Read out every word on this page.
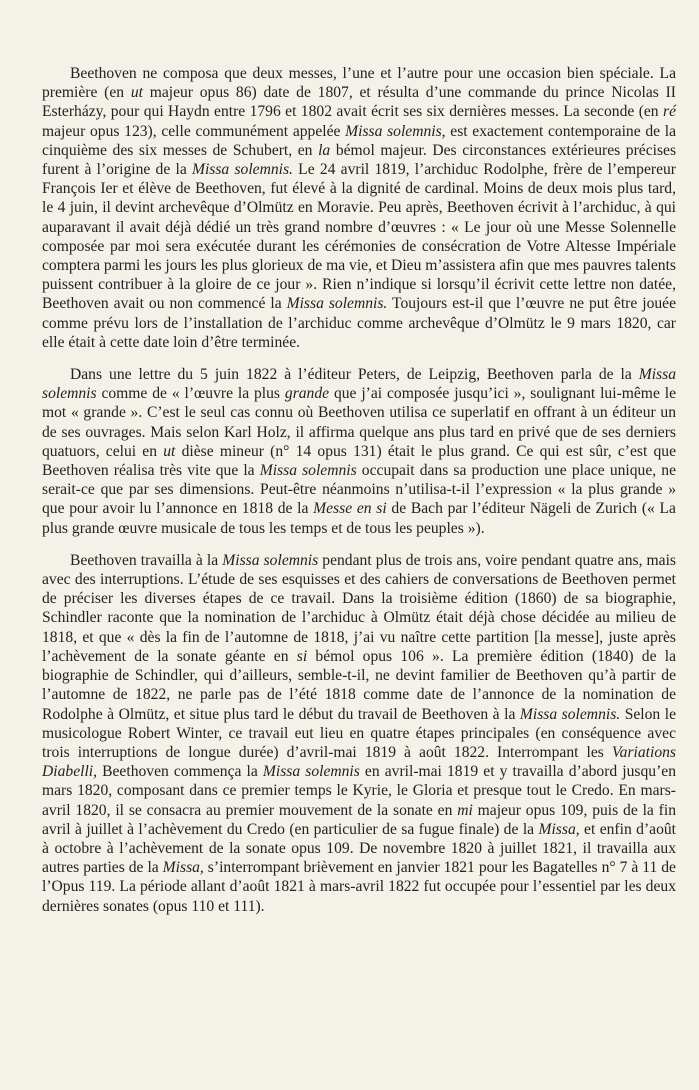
Beethoven ne composa que deux messes, l’une et l’autre pour une occasion bien spéciale. La première (en ut majeur opus 86) date de 1807, et résulta d’une commande du prince Nicolas II Esterházy, pour qui Haydn entre 1796 et 1802 avait écrit ses six dernières messes. La seconde (en ré majeur opus 123), celle communément appelée Missa solemnis, est exactement contemporaine de la cinquième des six messes de Schubert, en la bémol majeur. Des circonstances extérieures précises furent à l’origine de la Missa solemnis. Le 24 avril 1819, l’archiduc Rodolphe, frère de l’empereur François Ier et élève de Beethoven, fut élevé à la dignité de cardinal. Moins de deux mois plus tard, le 4 juin, il devint archevêque d’Olmütz en Moravie. Peu après, Beethoven écrivit à l’archiduc, à qui auparavant il avait déjà dédié un très grand nombre d’œuvres : « Le jour où une Messe Solennelle composée par moi sera exécutée durant les cérémonies de consécration de Votre Altesse Impériale comptera parmi les jours les plus glorieux de ma vie, et Dieu m’assistera afin que mes pauvres talents puissent contribuer à la gloire de ce jour ». Rien n’indique si lorsqu’il écrivit cette lettre non datée, Beethoven avait ou non commencé la Missa solemnis. Toujours est-il que l’œuvre ne put être jouée comme prévu lors de l’installation de l’archiduc comme archevêque d’Olmütz le 9 mars 1820, car elle était à cette date loin d’être terminée.

Dans une lettre du 5 juin 1822 à l’éditeur Peters, de Leipzig, Beethoven parla de la Missa solemnis comme de « l’œuvre la plus grande que j’ai composée jusqu’ici », soulignant lui-même le mot « grande ». C’est le seul cas connu où Beethoven utilisa ce superlatif en offrant à un éditeur un de ses ouvrages. Mais selon Karl Holz, il affirma quelque ans plus tard en privé que de ses derniers quatuors, celui en ut dièse mineur (n° 14 opus 131) était le plus grand. Ce qui est sûr, c’est que Beethoven réalisa très vite que la Missa solemnis occupait dans sa production une place unique, ne serait-ce que par ses dimensions. Peut-être néanmoins n’utilisa-t-il l’expression « la plus grande » que pour avoir lu l’annonce en 1818 de la Messe en si de Bach par l’éditeur Nägeli de Zurich (« La plus grande œuvre musicale de tous les temps et de tous les peuples »).

Beethoven travailla à la Missa solemnis pendant plus de trois ans, voire pendant quatre ans, mais avec des interruptions. L’étude de ses esquisses et des cahiers de conversations de Beethoven permet de préciser les diverses étapes de ce travail. Dans la troisième édition (1860) de sa biographie, Schindler raconte que la nomination de l’archiduc à Olmütz était déjà chose décidée au milieu de 1818, et que « dès la fin de l’automne de 1818, j’ai vu naître cette partition [la messe], juste après l’achèvement de la sonate géante en si bémol opus 106 ». La première édition (1840) de la biographie de Schindler, qui d’ailleurs, semble-t-il, ne devint familier de Beethoven qu’à partir de l’automne de 1822, ne parle pas de l’été 1818 comme date de l’annonce de la nomination de Rodolphe à Olmütz, et situe plus tard le début du travail de Beethoven à la Missa solemnis. Selon le musicologue Robert Winter, ce travail eut lieu en quatre étapes principales (en conséquence avec trois interruptions de longue durée) d’avril-mai 1819 à août 1822. Interrompant les Variations Diabelli, Beethoven commença la Missa solemnis en avril-mai 1819 et y travailla d’abord jusqu’en mars 1820, composant dans ce premier temps le Kyrie, le Gloria et presque tout le Credo. En mars-avril 1820, il se consacra au premier mouvement de la sonate en mi majeur opus 109, puis de la fin avril à juillet à l’achèvement du Credo (en particulier de sa fugue finale) de la Missa, et enfin d’août à octobre à l’achèvement de la sonate opus 109. De novembre 1820 à juillet 1821, il travailla aux autres parties de la Missa, s’interrompant brièvement en janvier 1821 pour les Bagatelles n° 7 à 11 de l’Opus 119. La période allant d’août 1821 à mars-avril 1822 fut occupée pour l’essentiel par les deux dernières sonates (opus 110 et 111).
